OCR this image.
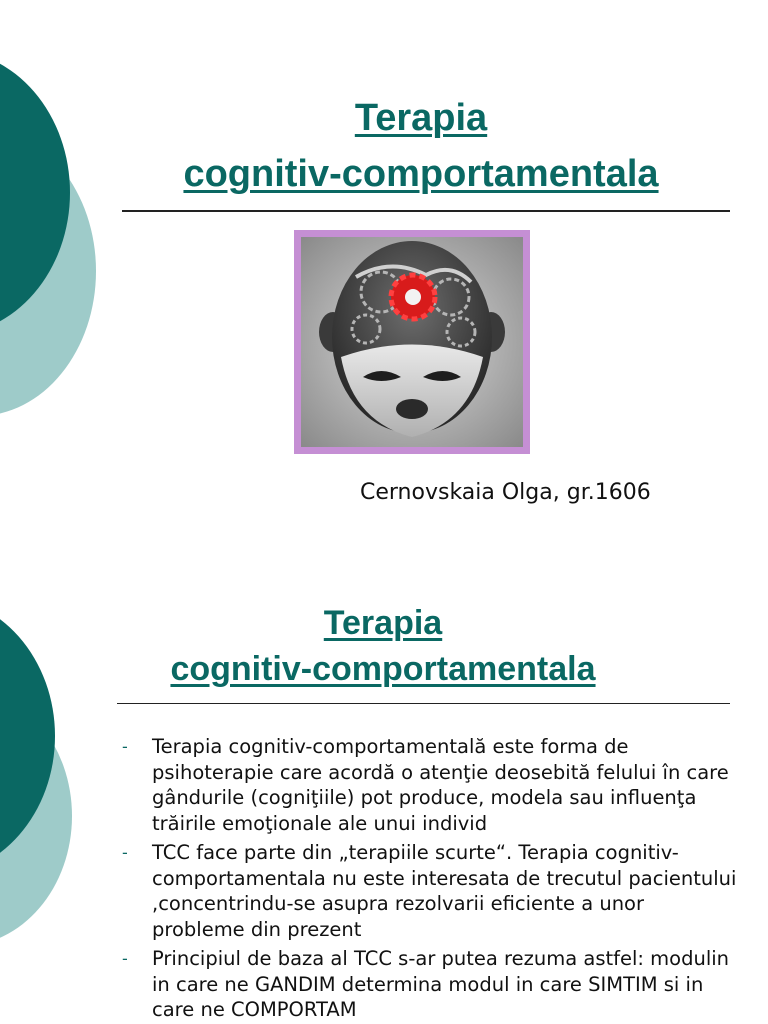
Terapia
cognitiv-comportamentala

Cernovskaia Olga, gr.1606

Terapia
cognitiv-comportamentala
- Terapia cognitiv-comportamentală este forma de psihoterapie care acordă o atenţie deosebită felului în care gândurile (cogniţiile) pot produce, modela sau influenţa trăirile emoţionale ale unui individ
- TCC face parte din „terapiile scurte“. Terapia cognitiv-comportamentala nu este interesata de trecutul pacientului ,concentrindu-se asupra rezolvarii eficiente a unor probleme din prezent
- Principiul de baza al TCC s-ar putea rezuma astfel: modulin in care ne GANDIM determina modul in care SIMTIM si in care ne COMPORTAM
